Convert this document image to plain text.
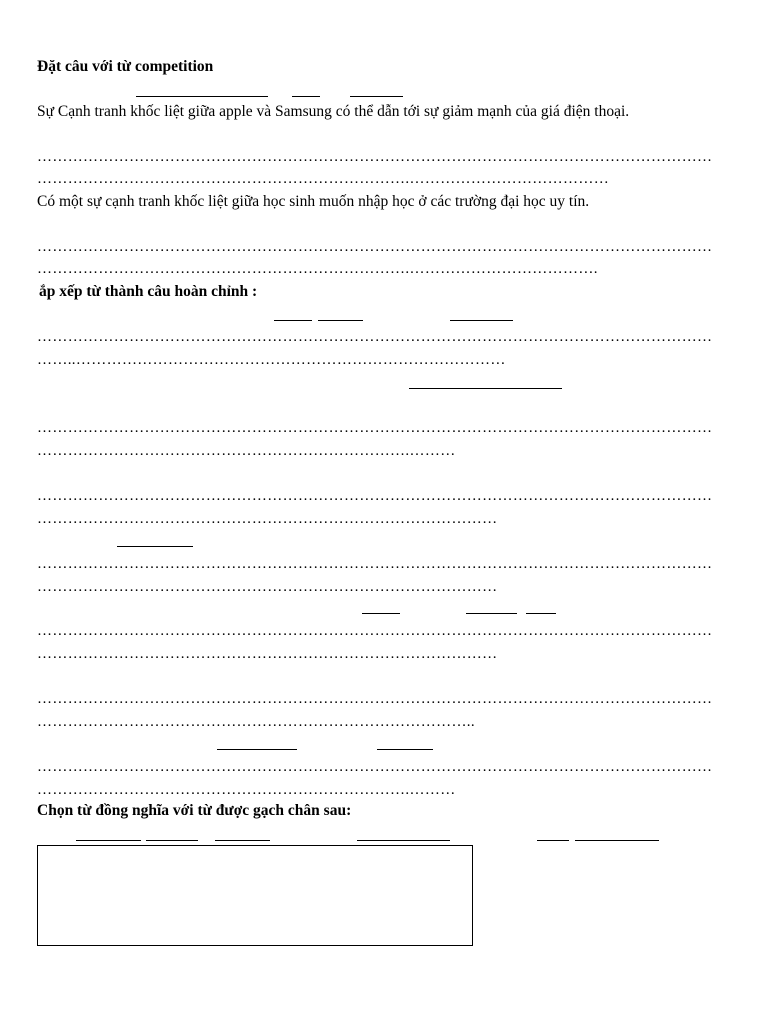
Đặt câu với từ competition
Sự Cạnh tranh khốc liệt giữa apple và Samsung có thể dẫn tới sự giảm mạnh của giá điện thoại.
……………………………………………………………………………………………………………………
……………………………………………………………….…………………………………
Có một sự cạnh tranh khốc liệt giữa học sinh muốn nhập học ở các trường đại học uy tín.
……………………………………………………………………………………………………………………
……………………………………………………………….……………………………….
ắp xếp từ thành câu hoàn chỉnh :
……………………………………………………………………………………………………………………
……..…………………………………………………………………………
……………………………………………………………………………………………………………………
……………………………………………………………….………
……………………………………………………………………………………………………………………
………………………………………………………………………………
……………………………………………………………………………………………………………………
………………………………………………………………………………
……………………………………………………………………………………………………………………
………………………………………………………………………………
……………………………………………………………………………………………………………………
…………………………………………………………………………..
……………………………………………………………………………………………………………………
……………………………………………………………….………
Chọn từ đồng nghĩa với từ được gạch chân sau:
